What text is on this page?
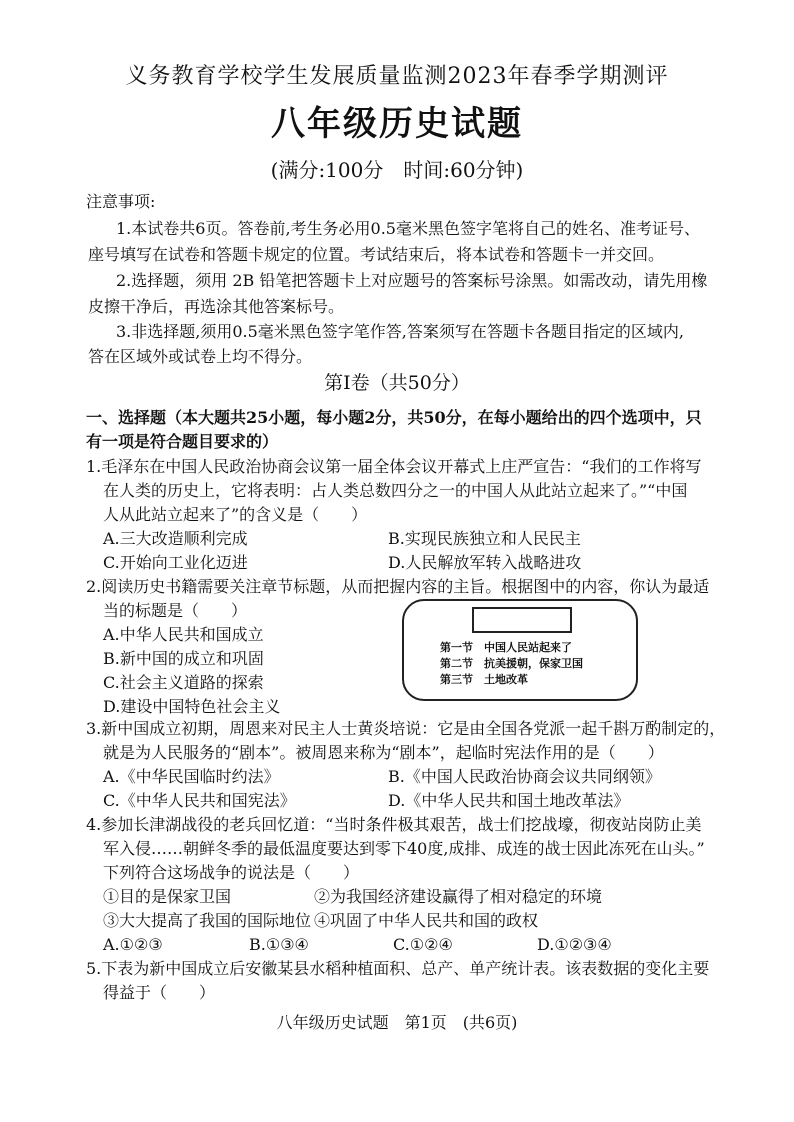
义务教育学校学生发展质量监测2023年春季学期测评
八年级历史试题
(满分:100分　时间:60分钟)
注意事项:
1.本试卷共6页。答卷前,考生务必用0.5毫米黑色签字笔将自己的姓名、准考证号、
座号填写在试卷和答题卡规定的位置。考试结束后，将本试卷和答题卡一并交回。
2.选择题，须用 2B 铅笔把答题卡上对应题号的答案标号涂黑。如需改动，请先用橡
皮擦干净后，再选涂其他答案标号。
3.非选择题,须用0.5毫米黑色签字笔作答,答案须写在答题卡各题目指定的区域内,
答在区域外或试卷上均不得分。
第Ⅰ卷（共50分）
一、选择题（本大题共25小题，每小题2分，共50分，在每小题给出的四个选项中，只
有一项是符合题目要求的）
1.毛泽东在中国人民政治协商会议第一届全体会议开幕式上庄严宣告：“我们的工作将写
在人类的历史上，它将表明：占人类总数四分之一的中国人从此站立起来了。”“中国
人从此站立起来了”的含义是（　　）
A.三大改造顺利完成	B.实现民族独立和人民民主
C.开始向工业化迈进	D.人民解放军转入战略进攻
2.阅读历史书籍需要关注章节标题，从而把握内容的主旨。根据图中的内容，你认为最适
当的标题是（　　）
A.中华人民共和国成立
B.新中国的成立和巩固
C.社会主义道路的探索
D.建设中国特色社会主义
第一节　中国人民站起来了
第二节　抗美援朝，保家卫国
第三节　土地改革
3.新中国成立初期，周恩来对民主人士黄炎培说：它是由全国各党派一起千斟万酌制定的，
就是为人民服务的“剧本”。被周恩来称为“剧本”，起临时宪法作用的是（　　）
A.《中华民国临时约法》	B.《中国人民政治协商会议共同纲领》
C.《中华人民共和国宪法》	D.《中华人民共和国土地改革法》
4.参加长津湖战役的老兵回忆道：“当时条件极其艰苦，战士们挖战壕，彻夜站岗防止美
军入侵……朝鲜冬季的最低温度要达到零下40度,成排、成连的战士因此冻死在山头。”
下列符合这场战争的说法是（　　）
①目的是保家卫国	②为我国经济建设赢得了相对稳定的环境
③大大提高了我国的国际地位 ④巩固了中华人民共和国的政权
A.①②③	B.①③④	C.①②④	D.①②③④
5.下表为新中国成立后安徽某县水稻种植面积、总产、单产统计表。该表数据的变化主要
得益于（　　）
八年级历史试题　第1页　(共6页)
